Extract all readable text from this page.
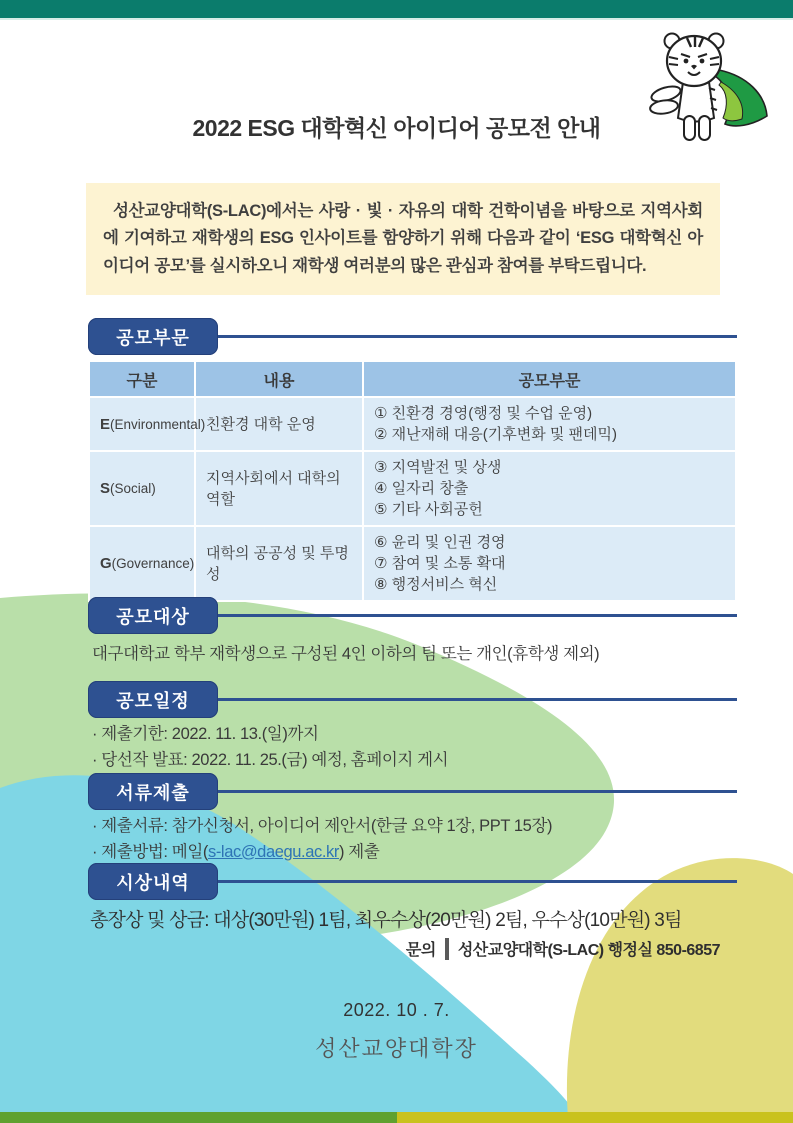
2022 ESG 대학혁신 아이디어 공모전 안내

성산교양대학(S-LAC)에서는 사랑 · 빛 · 자유의 대학 건학이념을 바탕으로 지역사회에 기여하고 재학생의 ESG 인사이트를 함양하기 위해 다음과 같이 ‘ESG 대학혁신 아이디어 공모’를 실시하오니 재학생 여러분의 많은 관심과 참여를 부탁드립니다.

공모부문
구분	내용	공모부문
E(Environmental)	친환경 대학 운영	① 친환경 경영(행정 및 수업 운영)
② 재난재해 대응(기후변화 및 팬데믹)

S(Social)	지역사회에서 대학의 역할	③ 지역발전 및 상생
④ 일자리 창출
⑤ 기타 사회공헌

G(Governance)	대학의 공공성 및 투명성	⑥ 윤리 및 인권 경영
⑦ 참여 및 소통 확대
⑧ 행정서비스 혁신
공모대상
대구대학교 학부 재학생으로 구성된 4인 이하의 팀 또는 개인(휴학생 제외)
공모일정
· 제출기한: 2022. 11. 13.(일)까지
· 당선작 발표: 2022. 11. 25.(금) 예정, 홈페이지 게시
서류제출
· 제출서류: 참가신청서, 아이디어 제안서(한글 요약 1장, PPT 15장)
· 제출방법: 메일(s-lac@daegu.ac.kr) 제출
시상내역
총장상 및 상금: 대상(30만원) 1팀, 최우수상(20만원) 2팀, 우수상(10만원) 3팀
문의 성산교양대학(S-LAC) 행정실 850-6857
2022. 10 . 7.
성산교양대학장
